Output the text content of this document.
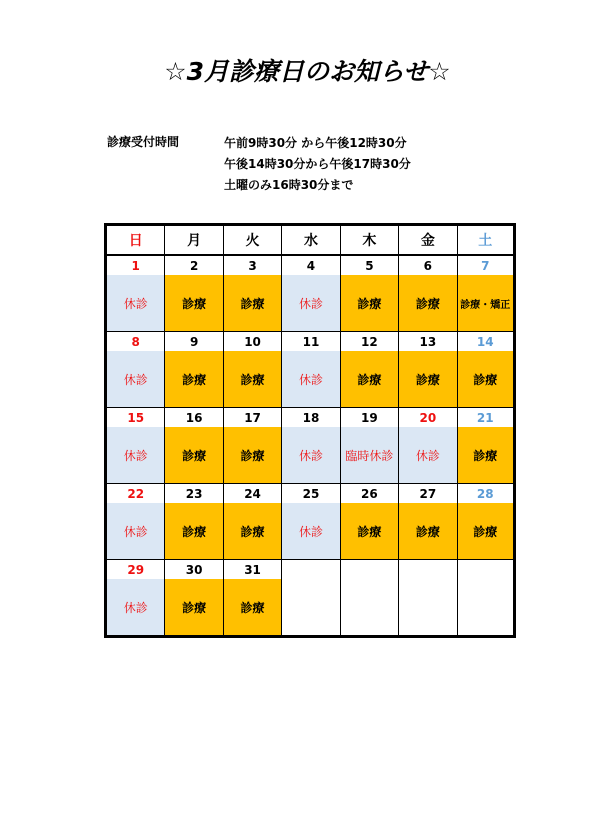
☆3月診療日のお知らせ☆
診療受付時間	午前9時30分 から午後12時30分
午後14時30分から午後17時30分
土曜のみ16時30分まで
日	月	火	水	木	金	土
1	2	3	4	5	6	7
休診	診療	診療	休診	診療	診療	診療・矯正
8	9	10	11	12	13	14
休診	診療	診療	休診	診療	診療	診療
15	16	17	18	19	20	21
休診	診療	診療	休診	臨時休診	休診	診療
22	23	24	25	26	27	28
休診	診療	診療	休診	診療	診療	診療
29	30	31				
休診	診療	診療				
